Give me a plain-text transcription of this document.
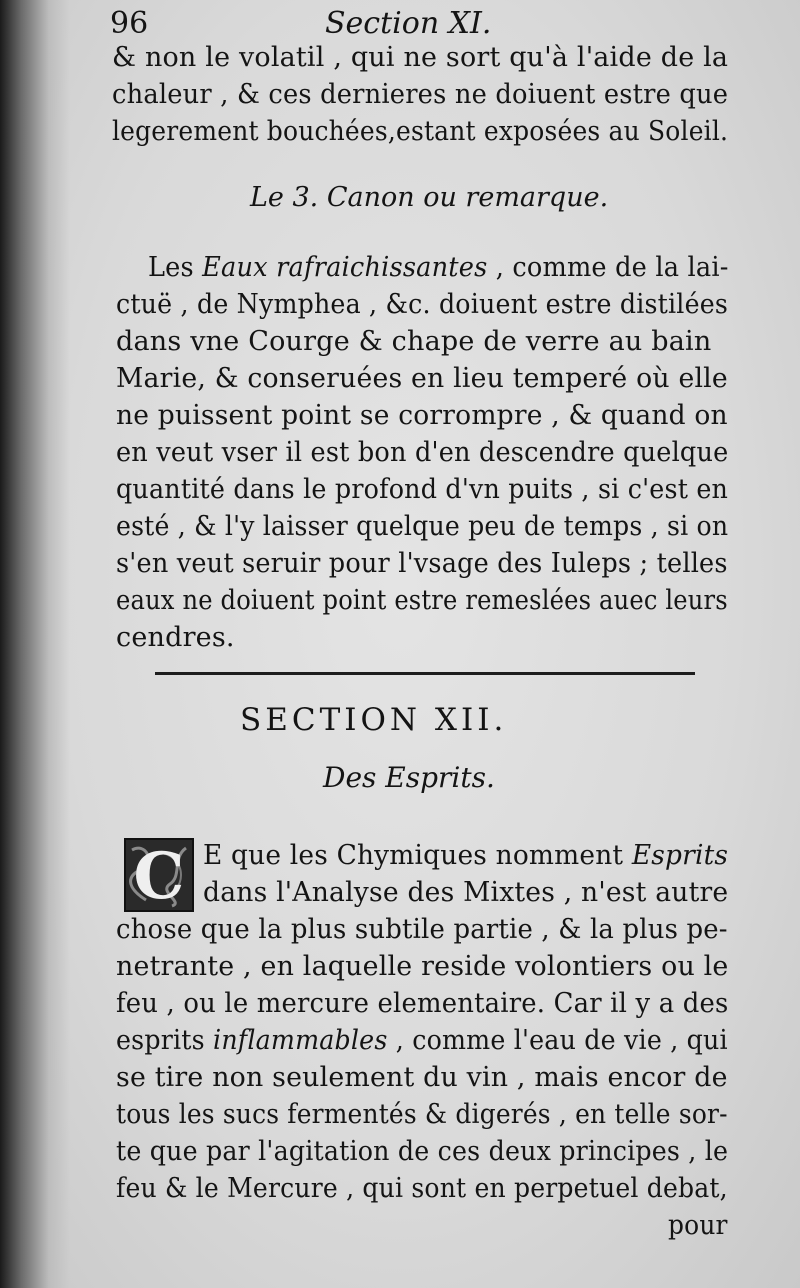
96	Section XI.
& non le volatil , qui ne sort qu'à l'aide de la
chaleur , & ces dernieres ne doiuent estre que
legerement bouchées,estant exposées au Soleil.
Le 3. Canon ou remarque.
Les Eaux rafraichissantes , comme de la lai-
ctuë , de Nymphea , &c. doiuent estre distilées
dans vne Courge & chape de verre au bain
Marie, & conseruées en lieu temperé où elle
ne puissent point se corrompre , & quand on
en veut vser il est bon d'en descendre quelque
quantité dans le profond d'vn puits , si c'est en
esté , & l'y laisser quelque peu de temps , si on
s'en veut seruir pour l'vsage des Iuleps ; telles
eaux ne doiuent point estre remeslées auec leurs
cendres.
SECTION XII.
Des Esprits.
C E que les Chymiques nomment Esprits
dans l'Analyse des Mixtes , n'est autre
chose que la plus subtile partie , & la plus pe-
netrante , en laquelle reside volontiers ou le
feu , ou le mercure elementaire. Car il y a des
esprits inflammables , comme l'eau de vie , qui
se tire non seulement du vin , mais encor de
tous les sucs fermentés & digerés , en telle sor-
te que par l'agitation de ces deux principes , le
feu & le Mercure , qui sont en perpetuel debat,
pour
